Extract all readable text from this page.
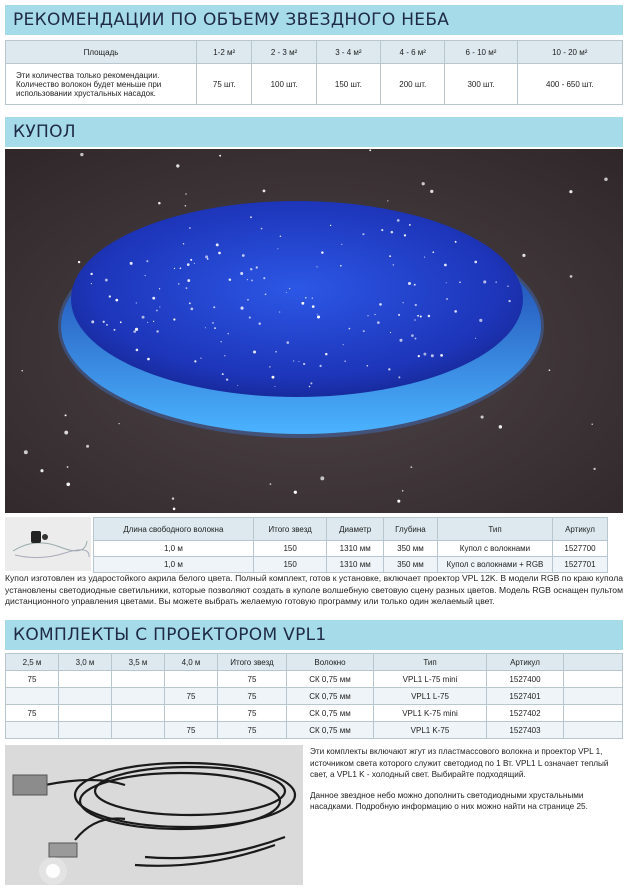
РЕКОМЕНДАЦИИ ПО ОБЪЕМУ ЗВЕЗДНОГО НЕБА
Площадь	1-2 м²	2 - 3 м²	3 - 4 м²	4 - 6 м²	6 - 10 м²	10 - 20 м²
Эти количества только рекомендации. Количество волокон будет меньше при использовании хрустальных насадок.	75 шт.	100 шт.	150 шт.	200 шт.	300 шт.	400 - 650 шт.
КУПОЛ
Длина свободного волокна	Итого звезд	Диаметр	Глубина	Тип	Артикул
1,0 м	150	1310 мм	350 мм	Купол с волокнами	1527700
1,0 м	150	1310 мм	350 мм	Купол с волокнами + RGB	1527701

Купол изготовлен из ударостойкого акрила белого цвета. Полный комплект, готов к установке, включает проектор VPL 12K. В модели RGB по краю купола установлены светодиодные светильники, которые позволяют создать в куполе волшебную световую сцену разных цветов. Модель RGB оснащен пультом дистанционного управления цветами. Вы можете выбрать желаемую готовую программу или только один желаемый цвет.

КОМПЛЕКТЫ С ПРОЕКТОРОМ VPL1
2,5 м	3,0 м	3,5 м	4,0 м	Итого звезд	Волокно	Тип	Артикул	
75				75	СК 0,75 мм	VPL1 L-75 mini	1527400	
			75	75	СК 0,75 мм	VPL1 L-75	1527401	
75				75	СК 0,75 мм	VPL1 K-75 mini	1527402	
			75	75	СК 0,75 мм	VPL1 K-75	1527403	

Эти комплекты включают жгут из пластмассового волокна и проектор VPL 1, источником света которого служит светодиод по 1 Вт. VPL1 L означает теплый свет, а VPL1 K - холодный свет. Выбирайте подходящий.

Данное звездное небо можно дополнить светодиодными хрустальными насадками. Подробную информацию о них можно найти на странице 25.
